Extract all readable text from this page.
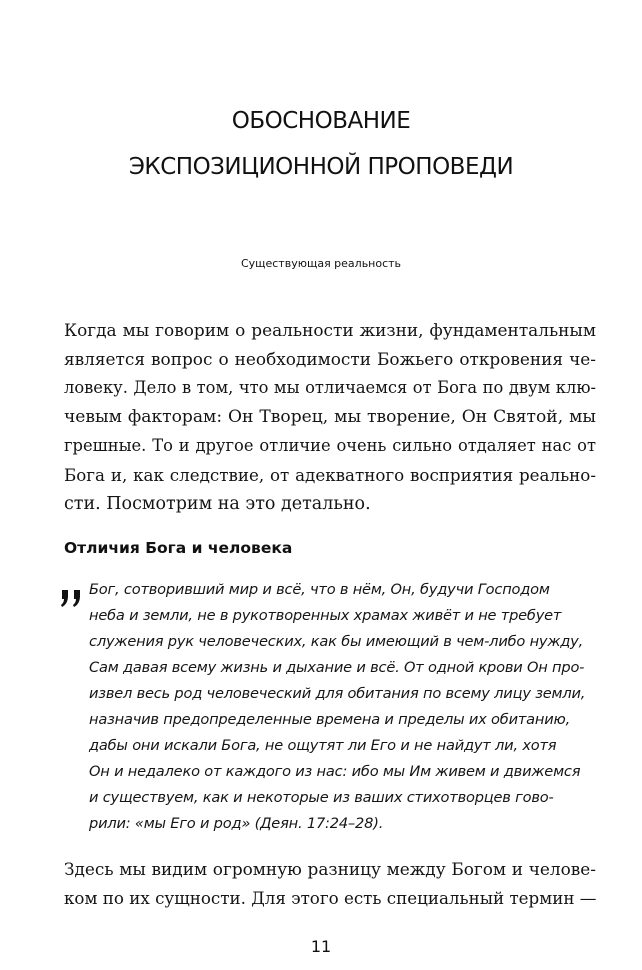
ОБОСНОВАНИЕ
ЭКСПОЗИЦИОННОЙ ПРОПОВЕДИ
Существующая реальность
Когда мы говорим о реальности жизни, фундаментальным
является вопрос о необходимости Божьего откровения че-
ловеку. Дело в том, что мы отличаемся от Бога по двум клю-
чевым факторам: Он Творец, мы творение, Он Святой, мы
грешные. То и другое отличие очень сильно отдаляет нас от
Бога и, как следствие, от адекватного восприятия реально-
сти. Посмотрим на это детально.
Отличия Бога и человека
Бог, сотворивший мир и всё, что в нём, Он, будучи Господом
неба и земли, не в рукотворенных храмах живёт и не требует
служения рук человеческих, как бы имеющий в чем-либо нужду,
Сам давая всему жизнь и дыхание и всё. От одной крови Он про-
извел весь род человеческий для обитания по всему лицу земли,
назначив предопределенные времена и пределы их обитанию,
дабы они искали Бога, не ощутят ли Его и не найдут ли, хотя
Он и недалеко от каждого из нас: ибо мы Им живем и движемся
и существуем, как и некоторые из ваших стихотворцев гово-
рили: «мы Его и род» (Деян. 17:24–28).
Здесь мы видим огромную разницу между Богом и челове-
ком по их сущности. Для этого есть специальный термин —
11
